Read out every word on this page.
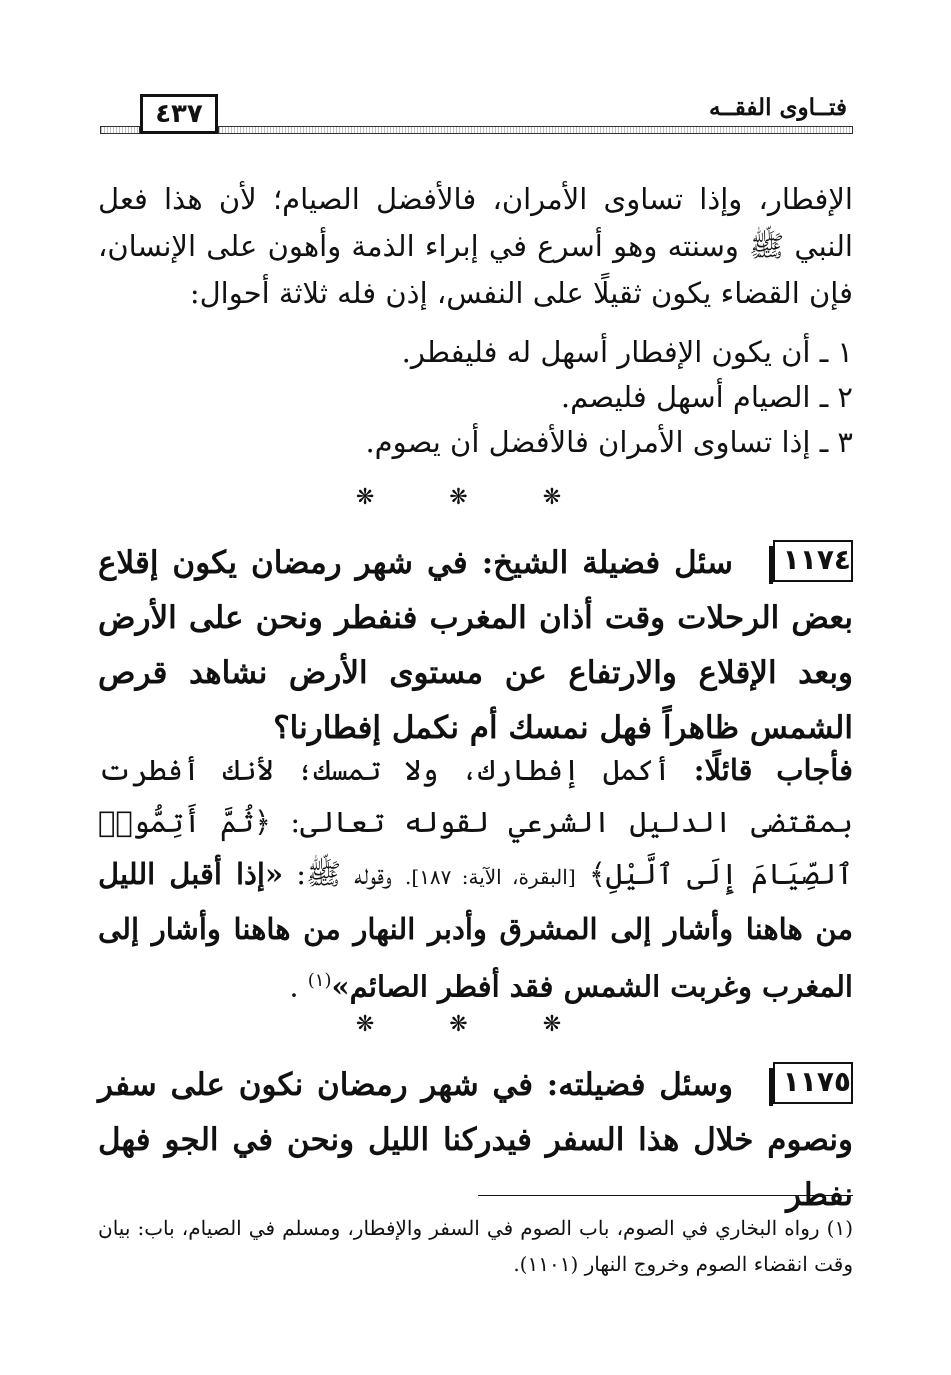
فتــاوى الفقــه
٤٣٧
الإفطار، وإذا تساوى الأمران، فالأفضل الصيام؛ لأن هذا فعل النبي ﷺ وسنته وهو أسرع في إبراء الذمة وأهون على الإنسان، فإن القضاء يكون ثقيلًا على النفس، إذن فله ثلاثة أحوال:
١ ـ أن يكون الإفطار أسهل له فليفطر.
٢ ـ الصيام أسهل فليصم.
٣ ـ إذا تساوى الأمران فالأفضل أن يصوم.
❋ ❋ ❋
١١٧٤
سئل فضيلة الشيخ: في شهر رمضان يكون إقلاع بعض الرحلات وقت أذان المغرب فنفطر ونحن على الأرض وبعد الإقلاع والارتفاع عن مستوى الأرض نشاهد قرص الشمس ظاهراً فهل نمسك أم نكمل إفطارنا؟
فأجاب قائلًا: أكمل إفطارك، ولا تمسك؛ لأنك أفطرت بمقتضى الدليل الشرعي لقوله تعالى: ﴿ثُمَّ أَتِمُّوا۟ ٱلصِّيَامَ إِلَى ٱلَّيْلِ﴾ [البقرة، الآية: ١٨٧]. وقوله ﷺ: «إذا أقبل الليل من هاهنا وأشار إلى المشرق وأدبر النهار من هاهنا وأشار إلى المغرب وغربت الشمس فقد أفطر الصائم»$^{(١)}$ .
❋ ❋ ❋
١١٧٥
وسئل فضيلته: في شهر رمضان نكون على سفر ونصوم خلال هذا السفر فيدركنا الليل ونحن في الجو فهل نفطر
(١) رواه البخاري في الصوم، باب الصوم في السفر والإفطار، ومسلم في الصيام، باب: بيان وقت انقضاء الصوم وخروج النهار (١١٠١).
